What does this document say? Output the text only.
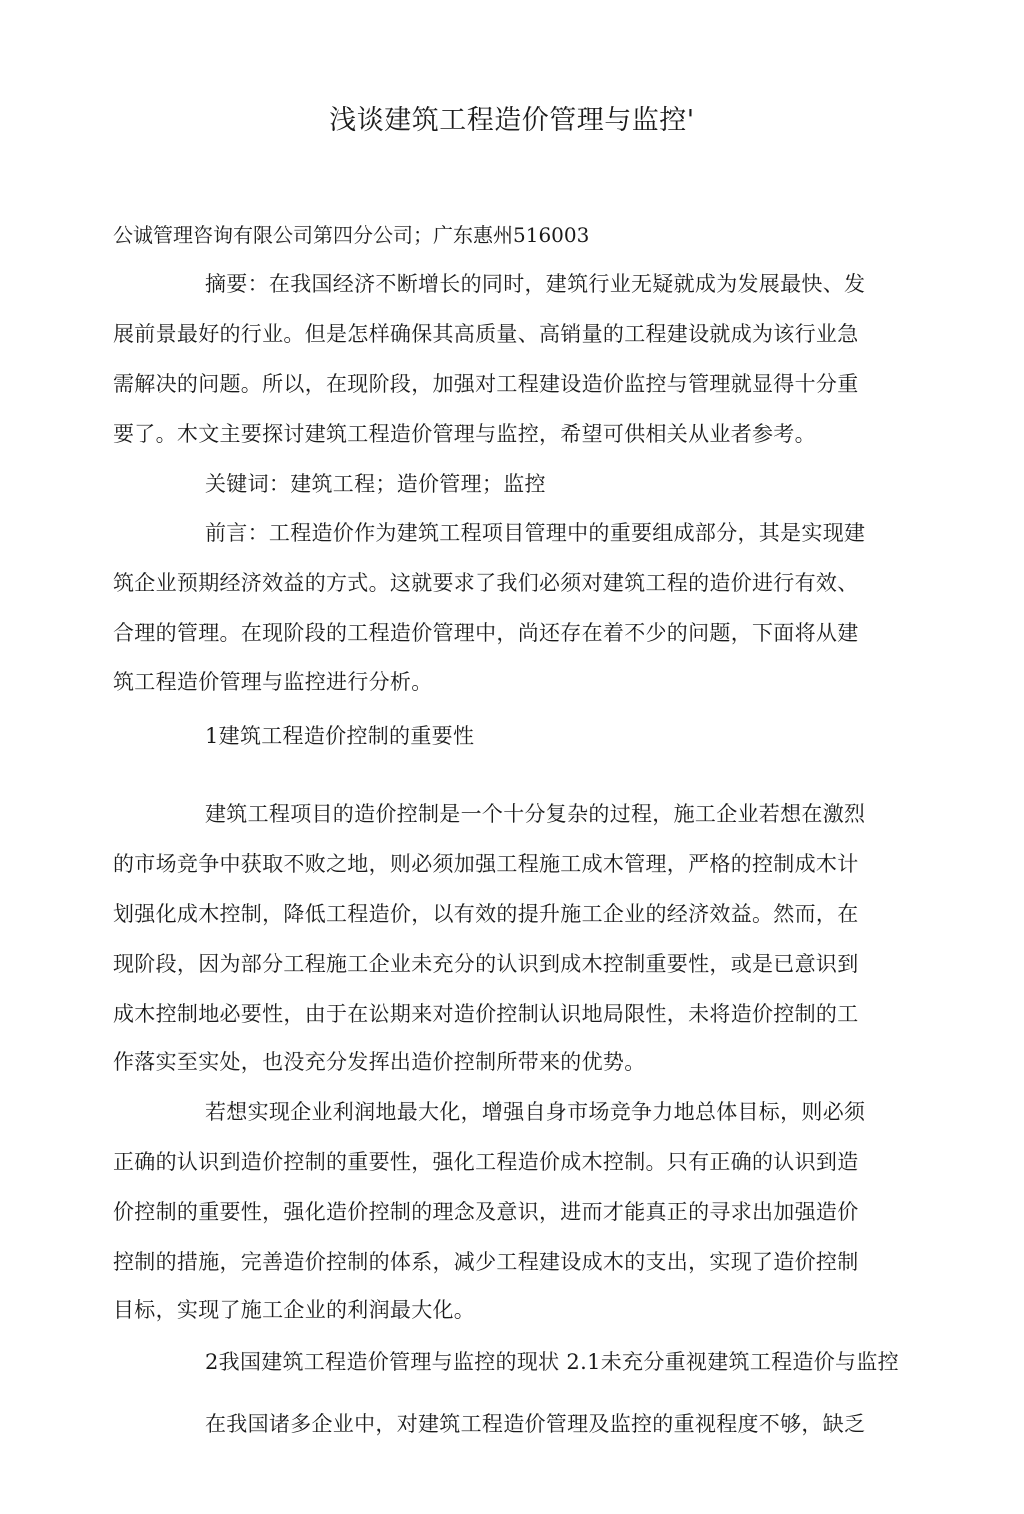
浅谈建筑工程造价管理与监控'
公诚管理咨询有限公司第四分公司；广东惠州516003
摘要：在我国经济不断增长的同时，建筑行业无疑就成为发展最快、发
展前景最好的行业。但是怎样确保其高质量、高销量的工程建设就成为该行业急
需解决的问题。所以，在现阶段，加强对工程建设造价监控与管理就显得十分重
要了。木文主要探讨建筑工程造价管理与监控，希望可供相关从业者参考。
关键词：建筑工程；造价管理；监控
前言：工程造价作为建筑工程项目管理中的重要组成部分，其是实现建
筑企业预期经济效益的方式。这就要求了我们必须对建筑工程的造价进行有效、
合理的管理。在现阶段的工程造价管理中，尚还存在着不少的问题，下面将从建
筑工程造价管理与监控进行分析。
1建筑工程造价控制的重要性
建筑工程项目的造价控制是一个十分复杂的过程，施工企业若想在激烈
的市场竞争中获取不败之地，则必须加强工程施工成木管理，严格的控制成木计
划强化成木控制，降低工程造价，以有效的提升施工企业的经济效益。然而，在
现阶段，因为部分工程施工企业未充分的认识到成木控制重要性，或是已意识到
成木控制地必要性，由于在讼期来对造价控制认识地局限性，未将造价控制的工
作落实至实处，也没充分发挥出造价控制所带来的优势。
若想实现企业利润地最大化，增强自身市场竞争力地总体目标，则必须
正确的认识到造价控制的重要性，强化工程造价成木控制。只有正确的认识到造
价控制的重要性，强化造价控制的理念及意识，进而才能真正的寻求出加强造价
控制的措施，完善造价控制的体系，减少工程建设成木的支出，实现了造价控制
目标，实现了施工企业的利润最大化。
2我国建筑工程造价管理与监控的现状 2.1未充分重视建筑工程造价与监控
在我国诸多企业中，对建筑工程造价管理及监控的重视程度不够，缺乏
